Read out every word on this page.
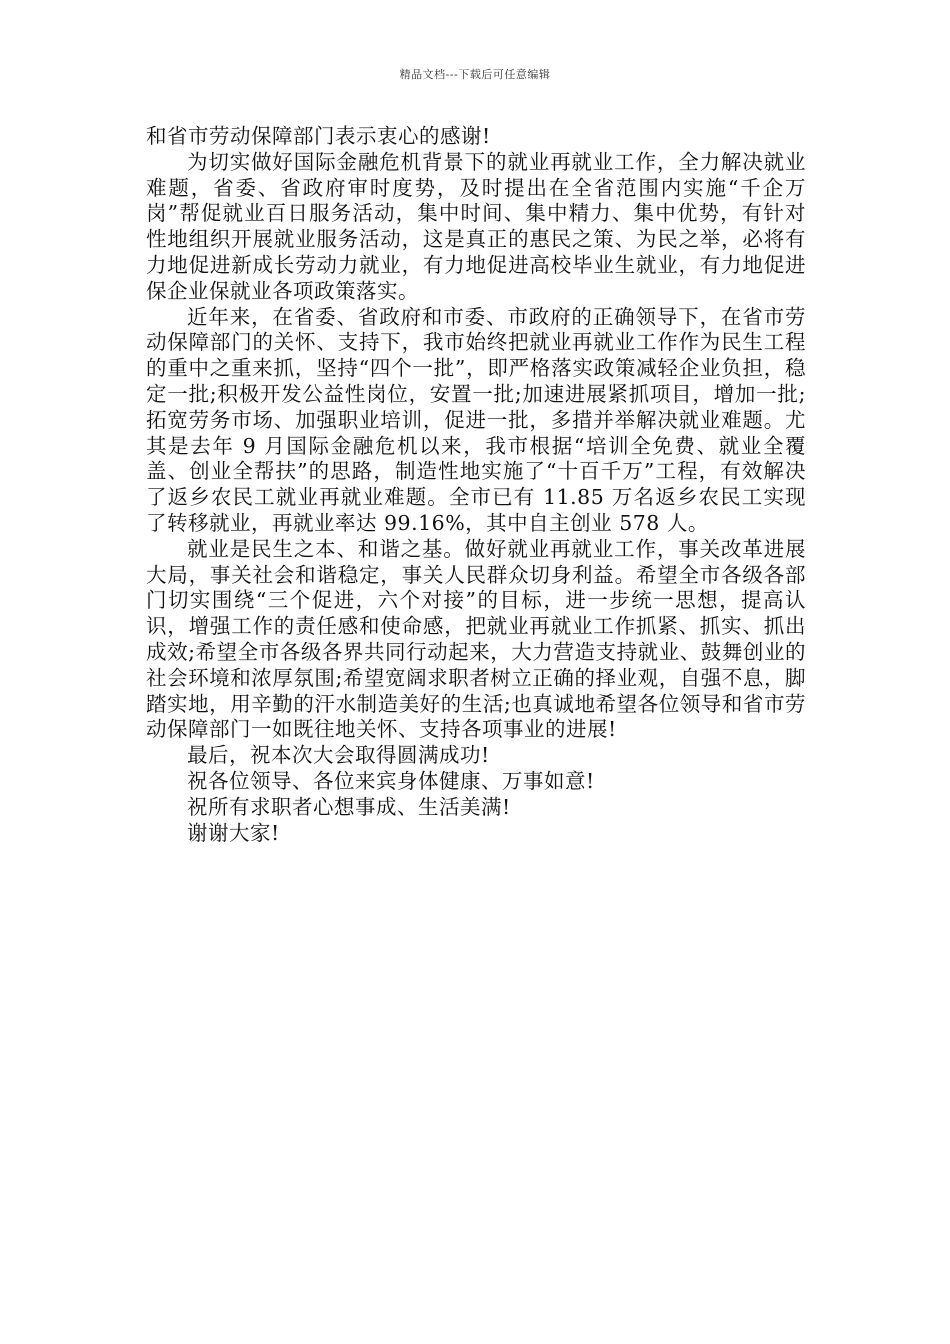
精品文档---下载后可任意编辑

和省市劳动保障部门表示衷心的感谢!

为切实做好国际金融危机背景下的就业再就业工作，全力解决就业难题，省委、省政府审时度势，及时提出在全省范围内实施“千企万岗”帮促就业百日服务活动，集中时间、集中精力、集中优势，有针对性地组织开展就业服务活动，这是真正的惠民之策、为民之举，必将有力地促进新成长劳动力就业，有力地促进高校毕业生就业，有力地促进保企业保就业各项政策落实。

近年来，在省委、省政府和市委、市政府的正确领导下，在省市劳动保障部门的关怀、支持下，我市始终把就业再就业工作作为民生工程的重中之重来抓，坚持“四个一批”，即严格落实政策减轻企业负担，稳定一批;积极开发公益性岗位，安置一批;加速进展紧抓项目，增加一批;拓宽劳务市场、加强职业培训，促进一批，多措并举解决就业难题。尤其是去年 9 月国际金融危机以来，我市根据“培训全免费、就业全覆盖、创业全帮扶”的思路，制造性地实施了“十百千万”工程，有效解决了返乡农民工就业再就业难题。全市已有 11.85 万名返乡农民工实现了转移就业，再就业率达 99.16%，其中自主创业 578 人。

就业是民生之本、和谐之基。做好就业再就业工作，事关改革进展大局，事关社会和谐稳定，事关人民群众切身利益。希望全市各级各部门切实围绕“三个促进，六个对接”的目标，进一步统一思想，提高认识，增强工作的责任感和使命感，把就业再就业工作抓紧、抓实、抓出成效;希望全市各级各界共同行动起来，大力营造支持就业、鼓舞创业的社会环境和浓厚氛围;希望宽阔求职者树立正确的择业观，自强不息，脚踏实地，用辛勤的汗水制造美好的生活;也真诚地希望各位领导和省市劳动保障部门一如既往地关怀、支持各项事业的进展!

最后，祝本次大会取得圆满成功!

祝各位领导、各位来宾身体健康、万事如意!

祝所有求职者心想事成、生活美满!

谢谢大家!
